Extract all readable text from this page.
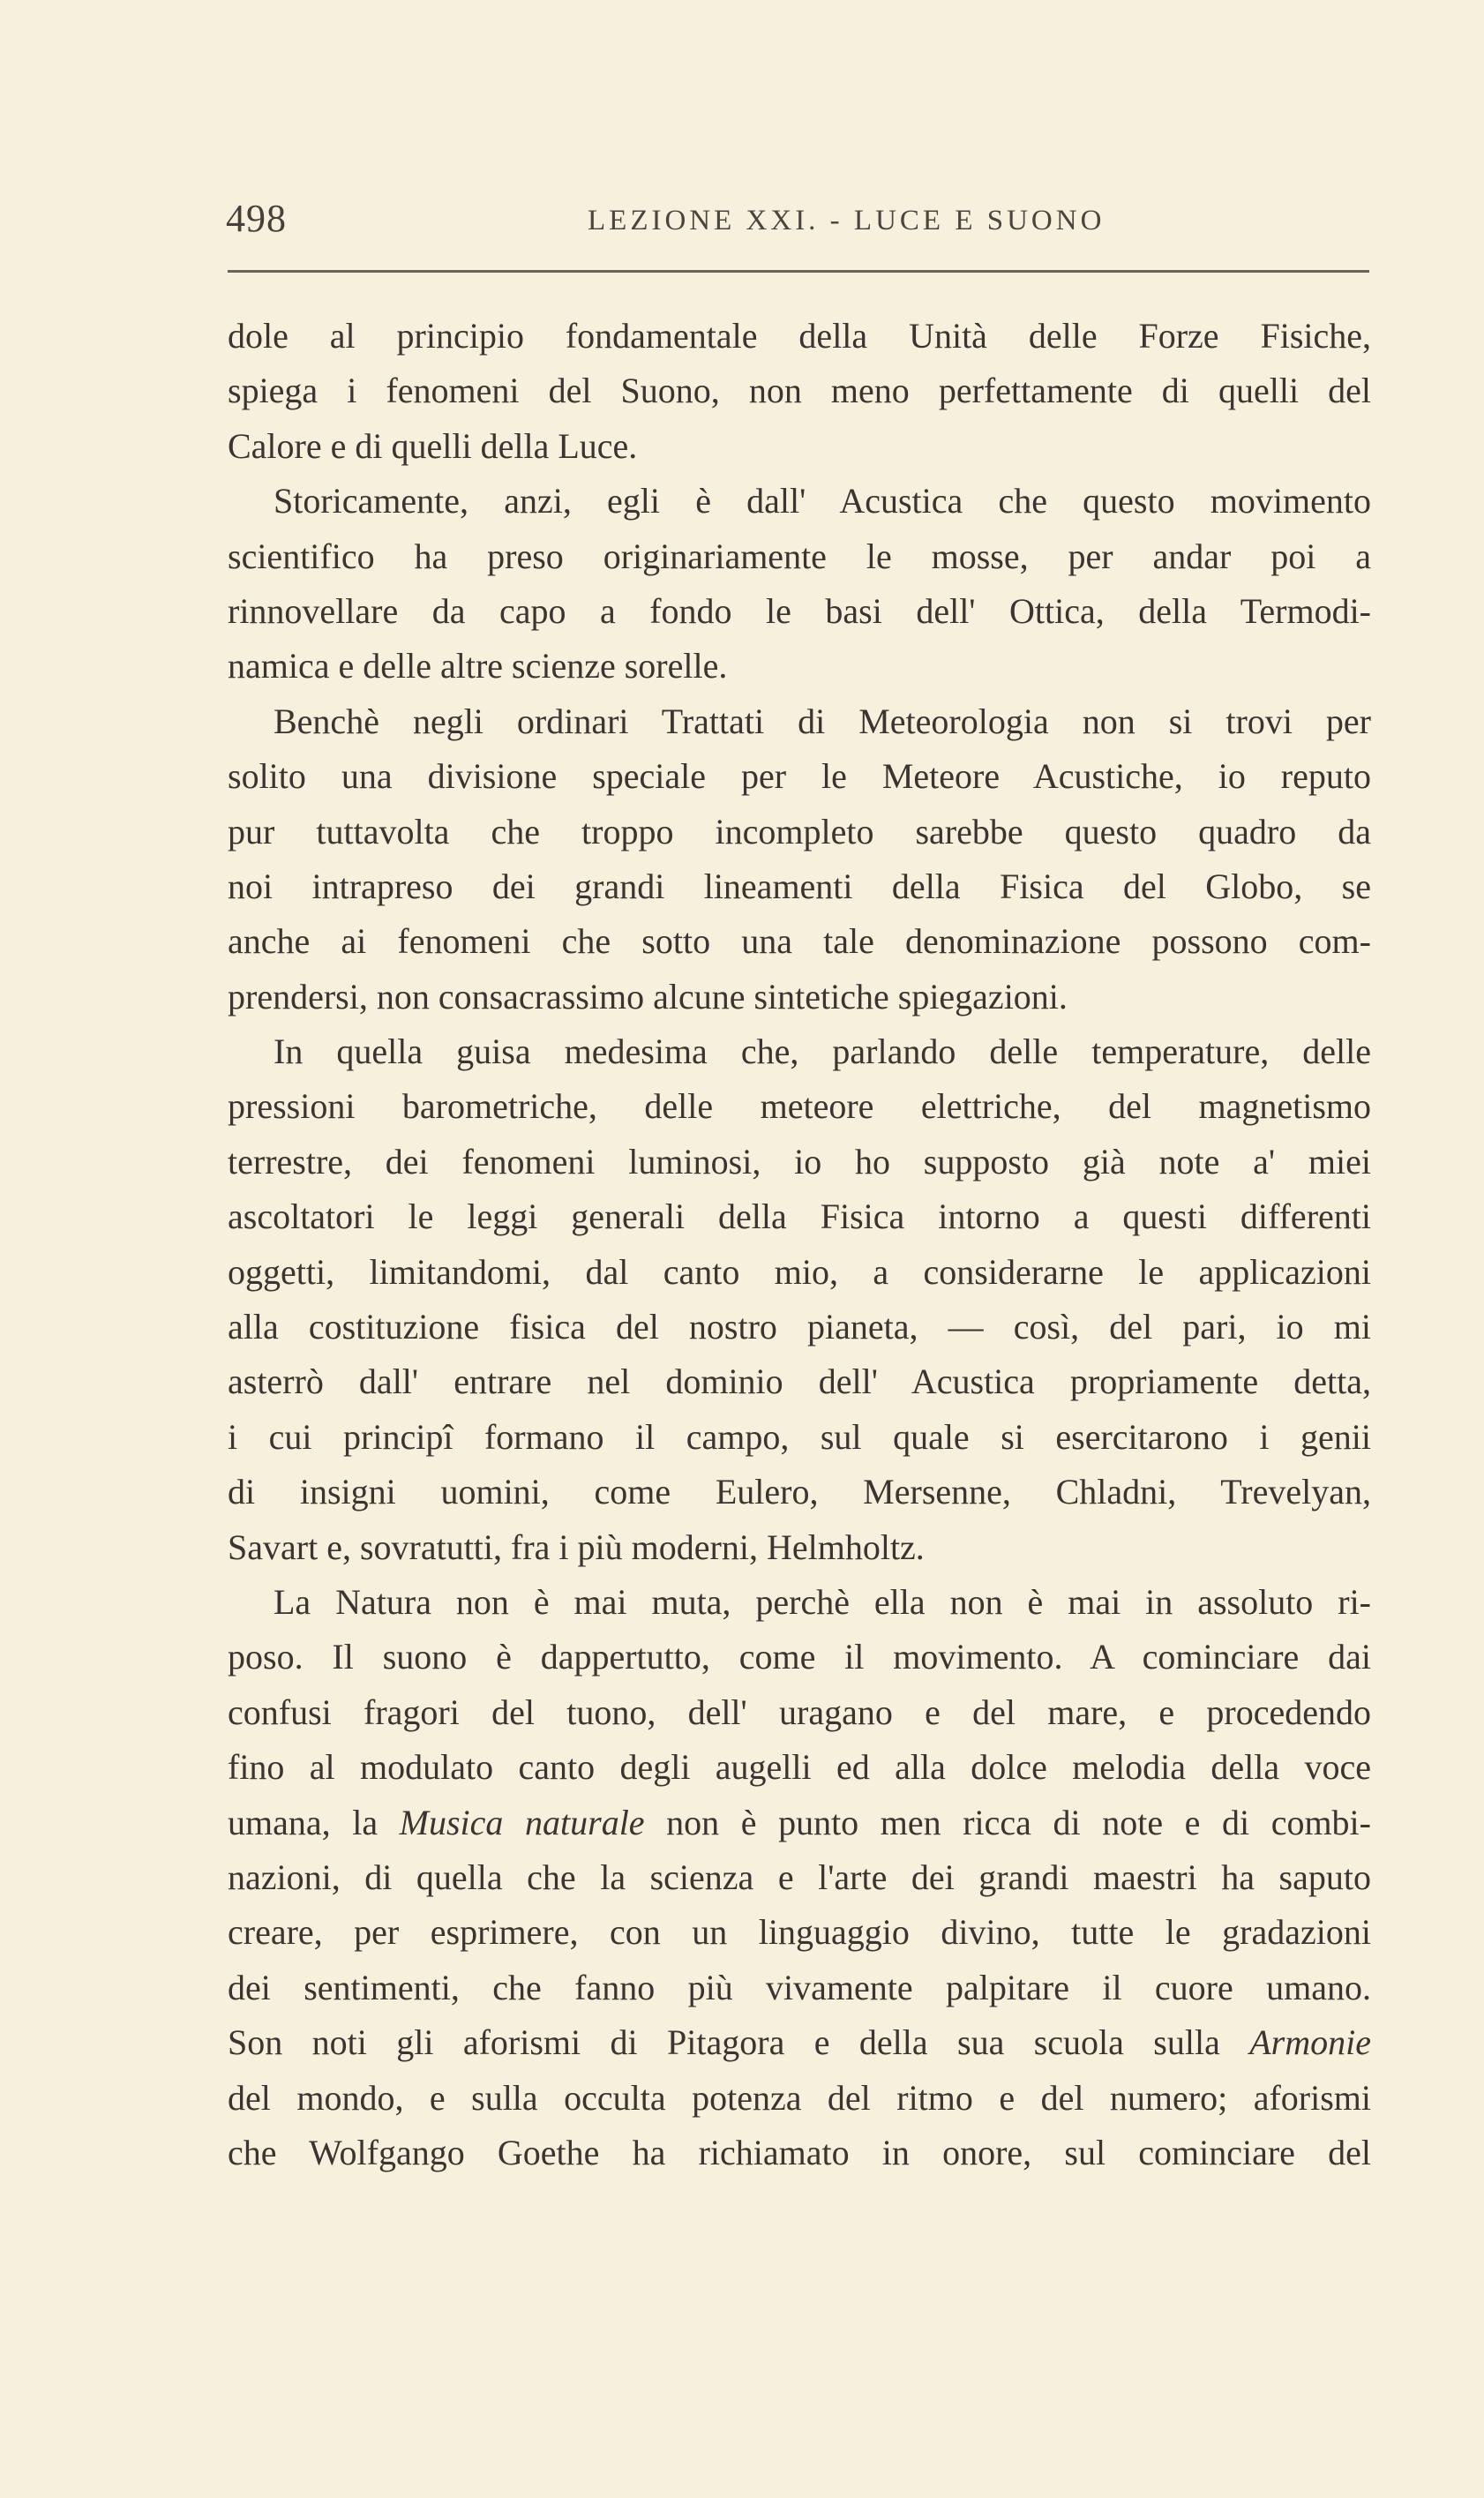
498	LEZIONE XXI. - LUCE E SUONO
dole al principio fondamentale della Unità delle Forze Fisiche,
spiega i fenomeni del Suono, non meno perfettamente di quelli del
Calore e di quelli della Luce.
Storicamente, anzi, egli è dall' Acustica che questo movimento
scientifico ha preso originariamente le mosse, per andar poi a
rinnovellare da capo a fondo le basi dell' Ottica, della Termodi-
namica e delle altre scienze sorelle.
Benchè negli ordinari Trattati di Meteorologia non si trovi per
solito una divisione speciale per le Meteore Acustiche, io reputo
pur tuttavolta che troppo incompleto sarebbe questo quadro da
noi intrapreso dei grandi lineamenti della Fisica del Globo, se
anche ai fenomeni che sotto una tale denominazione possono com-
prendersi, non consacrassimo alcune sintetiche spiegazioni.
In quella guisa medesima che, parlando delle temperature, delle
pressioni barometriche, delle meteore elettriche, del magnetismo
terrestre, dei fenomeni luminosi, io ho supposto già note a' miei
ascoltatori le leggi generali della Fisica intorno a questi differenti
oggetti, limitandomi, dal canto mio, a considerarne le applicazioni
alla costituzione fisica del nostro pianeta, — così, del pari, io mi
asterrò dall' entrare nel dominio dell' Acustica propriamente detta,
i cui principî formano il campo, sul quale si esercitarono i genii
di insigni uomini, come Eulero, Mersenne, Chladni, Trevelyan,
Savart e, sovratutti, fra i più moderni, Helmholtz.
La Natura non è mai muta, perchè ella non è mai in assoluto ri-
poso. Il suono è dappertutto, come il movimento. A cominciare dai
confusi fragori del tuono, dell' uragano e del mare, e procedendo
fino al modulato canto degli augelli ed alla dolce melodia della voce
umana, la Musica naturale non è punto men ricca di note e di combi-
nazioni, di quella che la scienza e l'arte dei grandi maestri ha saputo
creare, per esprimere, con un linguaggio divino, tutte le gradazioni
dei sentimenti, che fanno più vivamente palpitare il cuore umano.
Son noti gli aforismi di Pitagora e della sua scuola sulla Armonie
del mondo, e sulla occulta potenza del ritmo e del numero; aforismi
che Wolfgango Goethe ha richiamato in onore, sul cominciare del
